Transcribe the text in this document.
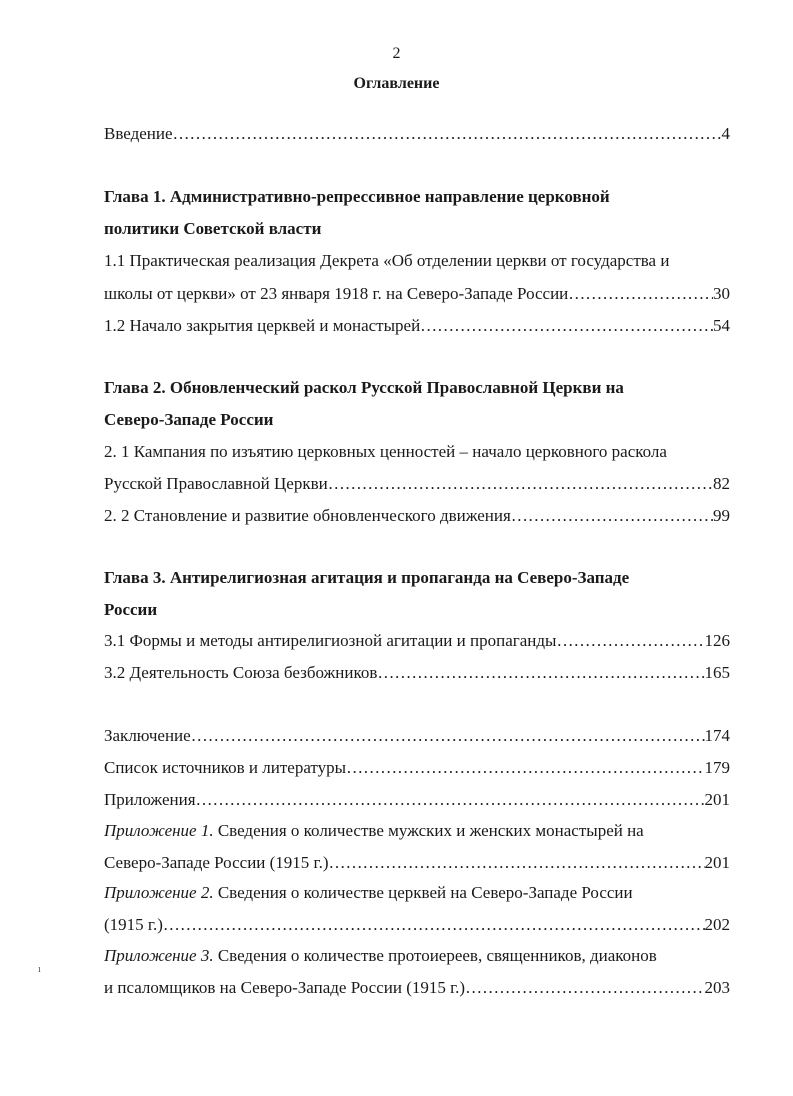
2
Оглавление
Введение …………………………………………………………………………………………………………………………………………………………………………………	4
Глава 1. Административно-репрессивное направление церковной
политики Советской власти
1.1 Практическая реализация Декрета «Об отделении церкви от государства и
школы от церкви» от 23 января 1918 г. на Северо-Западе России …………………………………………………………………………………………………………………………………………………………………………………	30
1.2 Начало закрытия церквей и монастырей …………………………………………………………………………………………………………………………………………………………………………………	54
Глава 2. Обновленческий раскол Русской Православной Церкви на
Северо-Западе России
2. 1 Кампания по изъятию церковных ценностей – начало церковного раскола
Русской Православной Церкви …………………………………………………………………………………………………………………………………………………………………………………	82
2. 2 Становление и развитие обновленческого движения …………………………………………………………………………………………………………………………………………………………………………………	99
Глава 3. Антирелигиозная агитация и пропаганда на Северо-Западе
России
3.1 Формы и методы антирелигиозной агитации и пропаганды …………………………………………………………………………………………………………………………………………………………………………………	126
3.2 Деятельность Союза безбожников …………………………………………………………………………………………………………………………………………………………………………………	165
Заключение …………………………………………………………………………………………………………………………………………………………………………………	174
Список источников и литературы …………………………………………………………………………………………………………………………………………………………………………………	179
Приложения …………………………………………………………………………………………………………………………………………………………………………………	201
Приложение 1. Сведения о количестве мужских и женских монастырей на
Северо-Западе России (1915 г.) …………………………………………………………………………………………………………………………………………………………………………………	201
Приложение 2. Сведения о количестве церквей на Северо-Западе России
(1915 г.) …………………………………………………………………………………………………………………………………………………………………………………	202
Приложение 3. Сведения о количестве протоиереев, священников, диаконов
и псаломщиков на Северо-Западе России (1915 г.) …………………………………………………………………………………………………………………………………………………………………………………	203
ı
